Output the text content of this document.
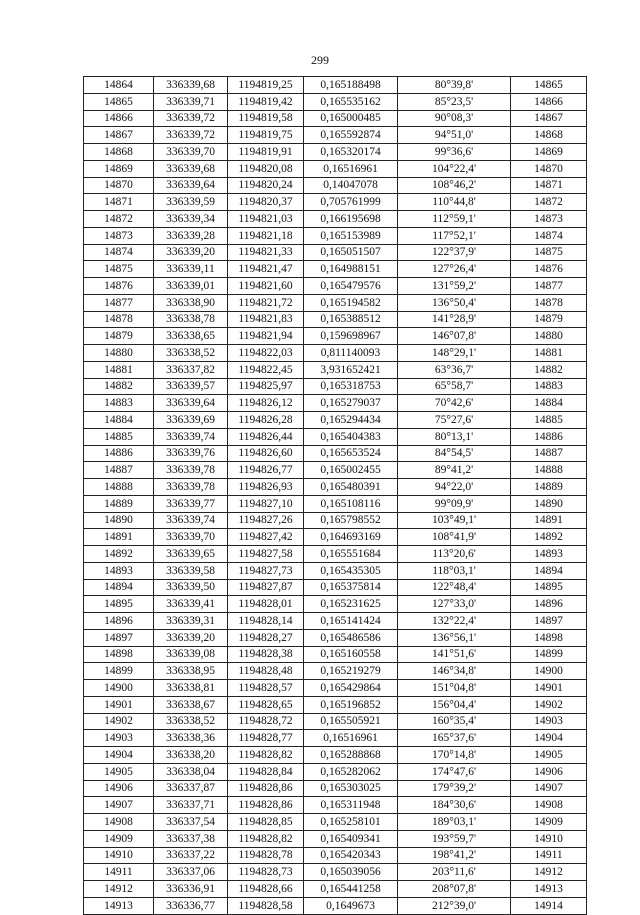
299
14864	336339,68	1194819,25	0,165188498	80°39,8'	14865
14865	336339,71	1194819,42	0,165535162	85°23,5'	14866
14866	336339,72	1194819,58	0,165000485	90°08,3'	14867
14867	336339,72	1194819,75	0,165592874	94°51,0'	14868
14868	336339,70	1194819,91	0,165320174	99°36,6'	14869
14869	336339,68	1194820,08	0,16516961	104°22,4'	14870
14870	336339,64	1194820,24	0,14047078	108°46,2'	14871
14871	336339,59	1194820,37	0,705761999	110°44,8'	14872
14872	336339,34	1194821,03	0,166195698	112°59,1'	14873
14873	336339,28	1194821,18	0,165153989	117°52,1'	14874
14874	336339,20	1194821,33	0,165051507	122°37,9'	14875
14875	336339,11	1194821,47	0,164988151	127°26,4'	14876
14876	336339,01	1194821,60	0,165479576	131°59,2'	14877
14877	336338,90	1194821,72	0,165194582	136°50,4'	14878
14878	336338,78	1194821,83	0,165388512	141°28,9'	14879
14879	336338,65	1194821,94	0,159698967	146°07,8'	14880
14880	336338,52	1194822,03	0,811140093	148°29,1'	14881
14881	336337,82	1194822,45	3,931652421	63°36,7'	14882
14882	336339,57	1194825,97	0,165318753	65°58,7'	14883
14883	336339,64	1194826,12	0,165279037	70°42,6'	14884
14884	336339,69	1194826,28	0,165294434	75°27,6'	14885
14885	336339,74	1194826,44	0,165404383	80°13,1'	14886
14886	336339,76	1194826,60	0,165653524	84°54,5'	14887
14887	336339,78	1194826,77	0,165002455	89°41,2'	14888
14888	336339,78	1194826,93	0,165480391	94°22,0'	14889
14889	336339,77	1194827,10	0,165108116	99°09,9'	14890
14890	336339,74	1194827,26	0,165798552	103°49,1'	14891
14891	336339,70	1194827,42	0,164693169	108°41,9'	14892
14892	336339,65	1194827,58	0,165551684	113°20,6'	14893
14893	336339,58	1194827,73	0,165435305	118°03,1'	14894
14894	336339,50	1194827,87	0,165375814	122°48,4'	14895
14895	336339,41	1194828,01	0,165231625	127°33,0'	14896
14896	336339,31	1194828,14	0,165141424	132°22,4'	14897
14897	336339,20	1194828,27	0,165486586	136°56,1'	14898
14898	336339,08	1194828,38	0,165160558	141°51,6'	14899
14899	336338,95	1194828,48	0,165219279	146°34,8'	14900
14900	336338,81	1194828,57	0,165429864	151°04,8'	14901
14901	336338,67	1194828,65	0,165196852	156°04,4'	14902
14902	336338,52	1194828,72	0,165505921	160°35,4'	14903
14903	336338,36	1194828,77	0,16516961	165°37,6'	14904
14904	336338,20	1194828,82	0,165288868	170°14,8'	14905
14905	336338,04	1194828,84	0,165282062	174°47,6'	14906
14906	336337,87	1194828,86	0,165303025	179°39,2'	14907
14907	336337,71	1194828,86	0,165311948	184°30,6'	14908
14908	336337,54	1194828,85	0,165258101	189°03,1'	14909
14909	336337,38	1194828,82	0,165409341	193°59,7'	14910
14910	336337,22	1194828,78	0,165420343	198°41,2'	14911
14911	336337,06	1194828,73	0,165039056	203°11,6'	14912
14912	336336,91	1194828,66	0,165441258	208°07,8'	14913
14913	336336,77	1194828,58	0,1649673	212°39,0'	14914
